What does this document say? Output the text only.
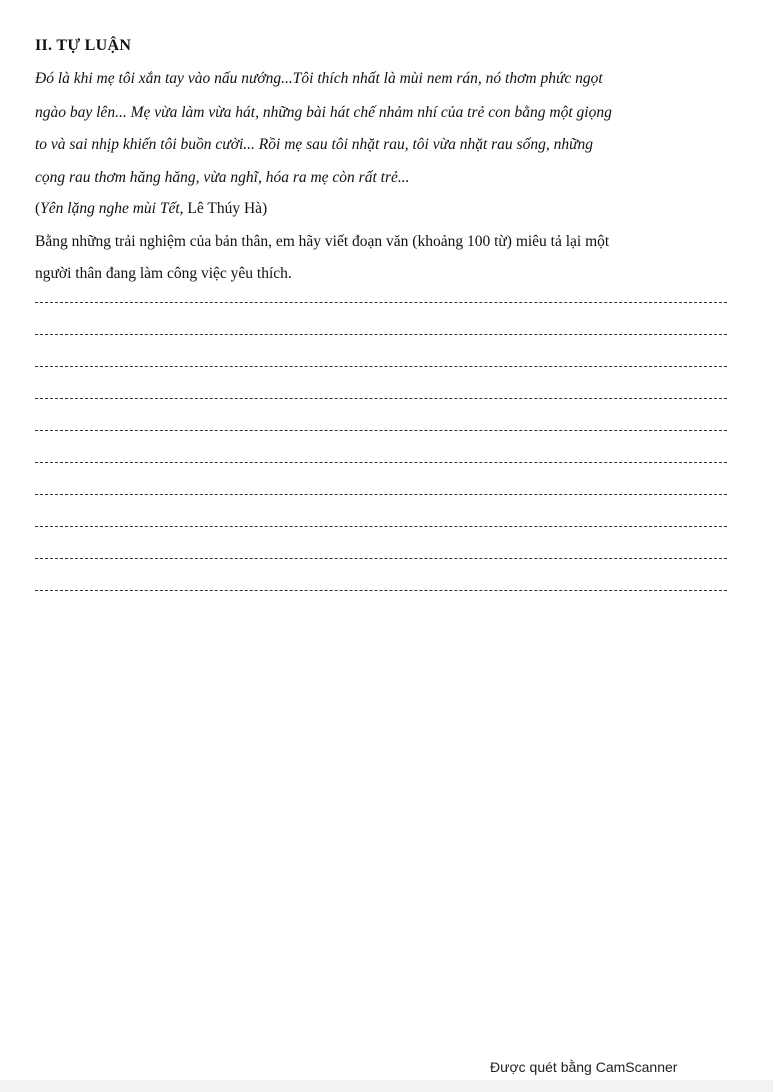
II. TỰ LUẬN
Đó là khi mẹ tôi xắn tay vào nấu nướng...Tôi thích nhất là mùi nem rán, nó thơm phức ngọt
ngào bay lên... Mẹ vừa làm vừa hát, những bài hát chế nhảm nhí của trẻ con bằng một giọng
to và sai nhịp khiến tôi buồn cười... Rồi mẹ sau tôi nhặt rau, tôi vừa nhặt rau sống, những
cọng rau thơm hăng hăng, vừa nghĩ, hóa ra mẹ còn rất trẻ...
(Yên lặng nghe mùi Tết, Lê Thúy Hà)
Bằng những trải nghiệm của bản thân, em hãy viết đoạn văn (khoảng 100 từ) miêu tả lại một
người thân đang làm công việc yêu thích.
Được quét bằng CamScanner
